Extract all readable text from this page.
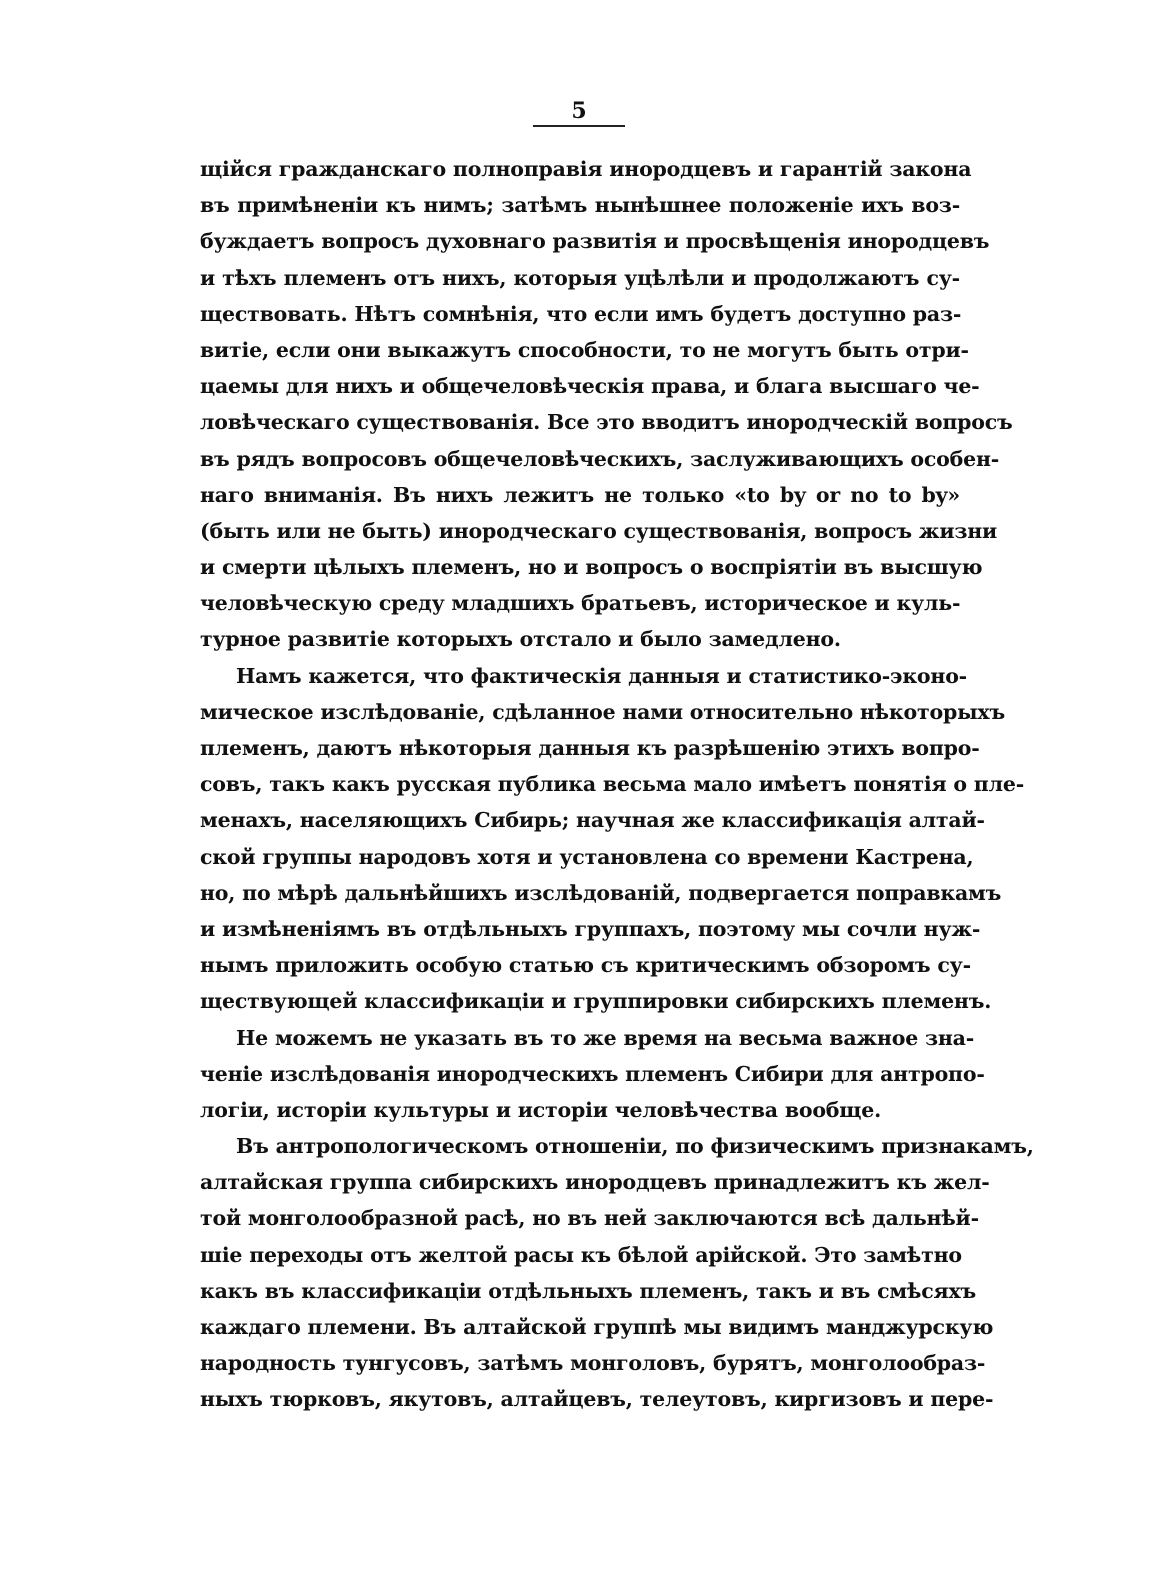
5
щійся гражданскаго полноправія инородцевъ и гарантій закона
въ примѣненіи къ нимъ; затѣмъ нынѣшнее положеніе ихъ воз-
буждаетъ вопросъ духовнаго развитія и просвѣщенія инородцевъ
и тѣхъ племенъ отъ нихъ, которыя уцѣлѣли и продолжаютъ су-
ществовать. Нѣтъ сомнѣнія, что если имъ будетъ доступно раз-
витіе, если они выкажутъ способности, то не могутъ быть отри-
цаемы для нихъ и общечеловѣческія права, и блага высшаго че-
ловѣческаго существованія. Все это вводитъ инородческій вопросъ
въ рядъ вопросовъ общечеловѣческихъ, заслуживающихъ особен-
наго вниманія. Въ нихъ лежитъ не только «to by or no to by»
(быть или не быть) инородческаго существованія, вопросъ жизни
и смерти цѣлыхъ племенъ, но и вопросъ о воспріятіи въ высшую
человѣческую среду младшихъ братьевъ, историческое и куль-
турное развитіе которыхъ отстало и было замедлено.
Намъ кажется, что фактическія данныя и статистико-эконо-
мическое изслѣдованіе, сдѣланное нами относительно нѣкоторыхъ
племенъ, даютъ нѣкоторыя данныя къ разрѣшенію этихъ вопро-
совъ, такъ какъ русская публика весьма мало имѣетъ понятія о пле-
менахъ, населяющихъ Сибирь; научная же классификація алтай-
ской группы народовъ хотя и установлена со времени Кастрена,
но, по мѣрѣ дальнѣйшихъ изслѣдованій, подвергается поправкамъ
и измѣненіямъ въ отдѣльныхъ группахъ, поэтому мы сочли нуж-
нымъ приложить особую статью съ критическимъ обзоромъ су-
ществующей классификаціи и группировки сибирскихъ племенъ.
Не можемъ не указать въ то же время на весьма важное зна-
ченіе изслѣдованія инородческихъ племенъ Сибири для антропо-
логіи, исторіи культуры и исторіи человѣчества вообще.
Въ антропологическомъ отношеніи, по физическимъ признакамъ,
алтайская группа сибирскихъ инородцевъ принадлежитъ къ жел-
той монголообразной расѣ, но въ ней заключаются всѣ дальнѣй-
шіе переходы отъ желтой расы къ бѣлой арійской. Это замѣтно
какъ въ классификаціи отдѣльныхъ племенъ, такъ и въ смѣсяхъ
каждаго племени. Въ алтайской группѣ мы видимъ манджурскую
народность тунгусовъ, затѣмъ монголовъ, бурятъ, монголообраз-
ныхъ тюрковъ, якутовъ, алтайцевъ, телеутовъ, киргизовъ и пере-
